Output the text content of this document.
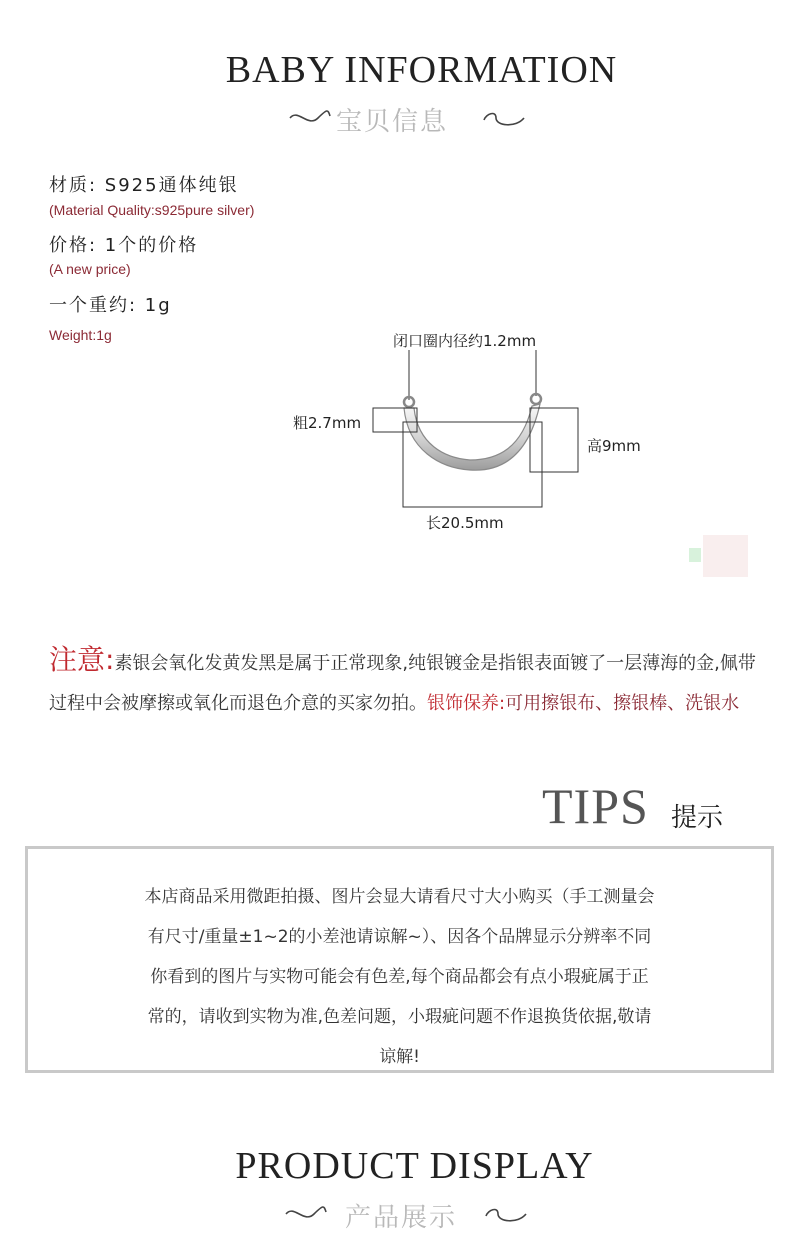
BABY INFORMATION
宝贝信息
材质: S925通体纯银
(Material Quality:s925pure silver)
价格: 1个的价格
(A new price)
一个重约: 1g
Weight:1g	闭口圈内径约1.2mm
粗2.7mm
高9mm
长20.5mm
注意:素银会氧化发黄发黑是属于正常现象,纯银镀金是指银表面镀了一层薄海的金,佩带过程中会被摩擦或氧化而退色介意的买家勿拍。银饰保养:可用擦银布、擦银棒、洗银水
TIPS 提示
本店商品采用微距拍摄、图片会显大请看尺寸大小购买（手工测量会
有尺寸/重量±1~2的小差池请谅解~）、因各个品牌显示分辨率不同
你看到的图片与实物可能会有色差,每个商品都会有点小瑕疵属于正
常的，请收到实物为准,色差问题，小瑕疵问题不作退换货依据,敬请
谅解!
PRODUCT DISPLAY
产品展示
